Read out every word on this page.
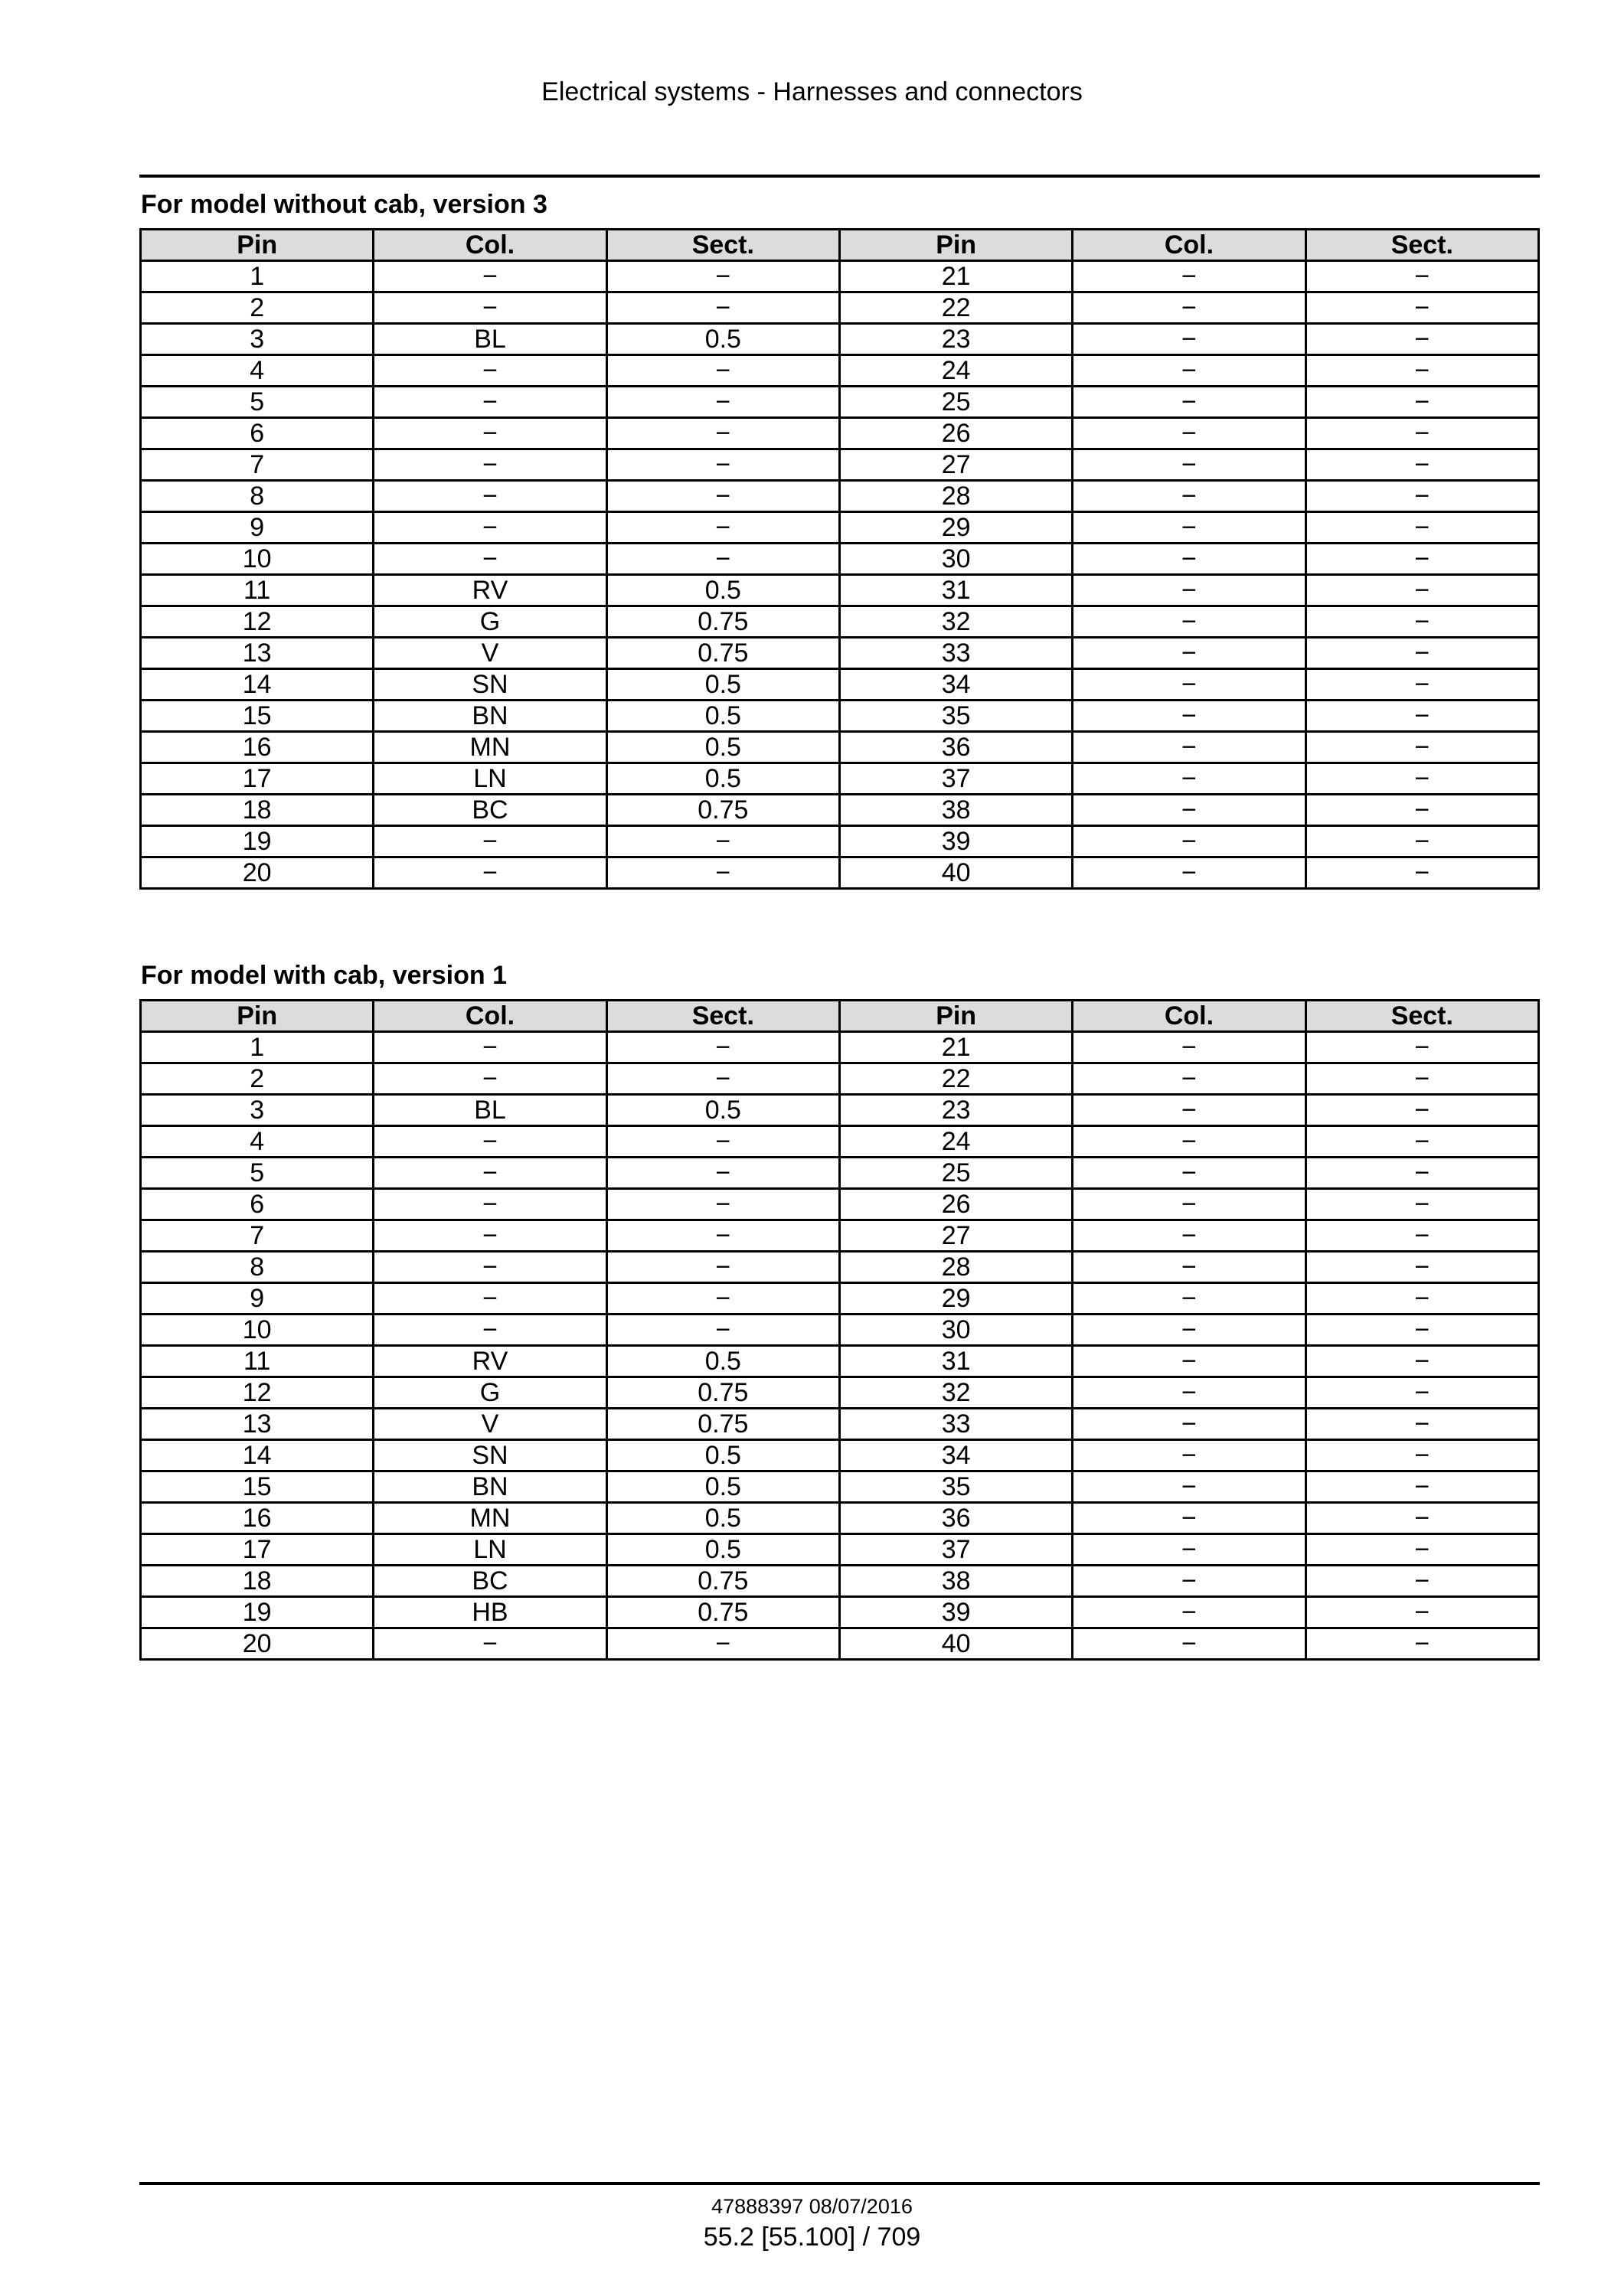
Electrical systems - Harnesses and connectors
For model without cab, version 3
Pin	Col.	Sect.	Pin	Col.	Sect.
1	−	−	21	−	−
2	−	−	22	−	−
3	BL	0.5	23	−	−
4	−	−	24	−	−
5	−	−	25	−	−
6	−	−	26	−	−
7	−	−	27	−	−
8	−	−	28	−	−
9	−	−	29	−	−
10	−	−	30	−	−
11	RV	0.5	31	−	−
12	G	0.75	32	−	−
13	V	0.75	33	−	−
14	SN	0.5	34	−	−
15	BN	0.5	35	−	−
16	MN	0.5	36	−	−
17	LN	0.5	37	−	−
18	BC	0.75	38	−	−
19	−	−	39	−	−
20	−	−	40	−	−
For model with cab, version 1
Pin	Col.	Sect.	Pin	Col.	Sect.
1	−	−	21	−	−
2	−	−	22	−	−
3	BL	0.5	23	−	−
4	−	−	24	−	−
5	−	−	25	−	−
6	−	−	26	−	−
7	−	−	27	−	−
8	−	−	28	−	−
9	−	−	29	−	−
10	−	−	30	−	−
11	RV	0.5	31	−	−
12	G	0.75	32	−	−
13	V	0.75	33	−	−
14	SN	0.5	34	−	−
15	BN	0.5	35	−	−
16	MN	0.5	36	−	−
17	LN	0.5	37	−	−
18	BC	0.75	38	−	−
19	HB	0.75	39	−	−
20	−	−	40	−	−
47888397 08/07/2016
55.2 [55.100] / 709
